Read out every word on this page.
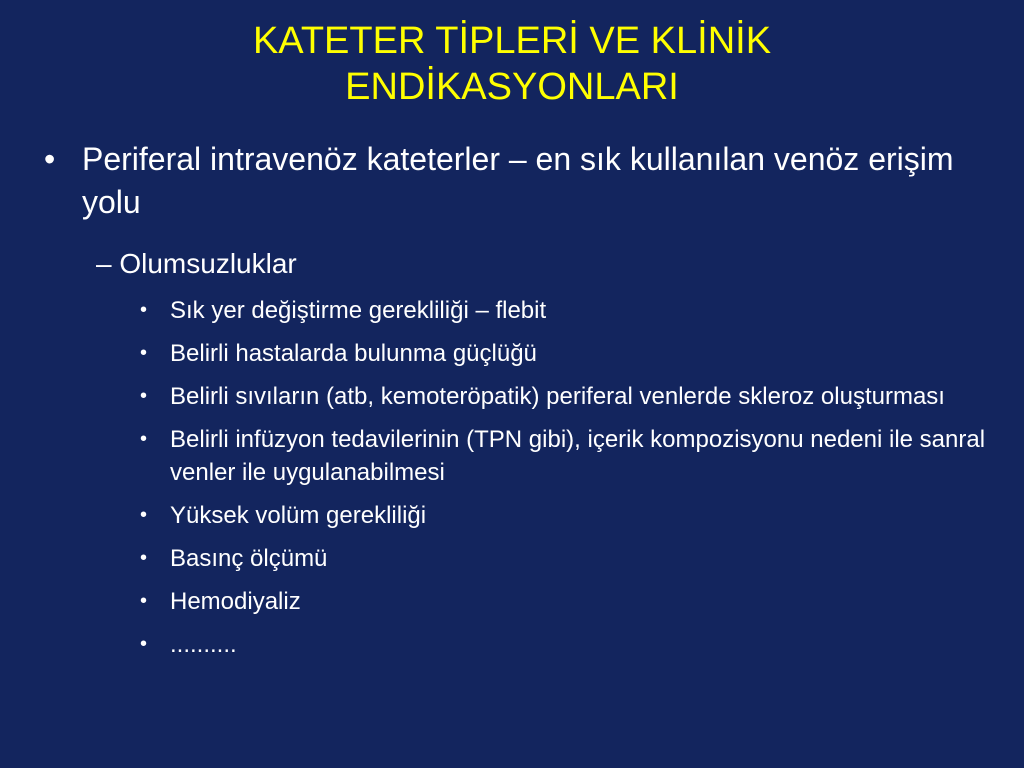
KATETER TİPLERİ VE KLİNİK
ENDİKASYONLARI
• Periferal intravenöz kateterler – en sık kullanılan venöz erişim yolu
– Olumsuzluklar
• Sık yer değiştirme gerekliliği – flebit
• Belirli hastalarda bulunma güçlüğü
• Belirli sıvıların (atb, kemoteröpatik) periferal venlerde skleroz oluşturması
• Belirli infüzyon tedavilerinin (TPN gibi), içerik kompozisyonu nedeni ile sanral venler ile uygulanabilmesi
• Yüksek volüm gerekliliği
• Basınç ölçümü
• Hemodiyaliz
• ..........
